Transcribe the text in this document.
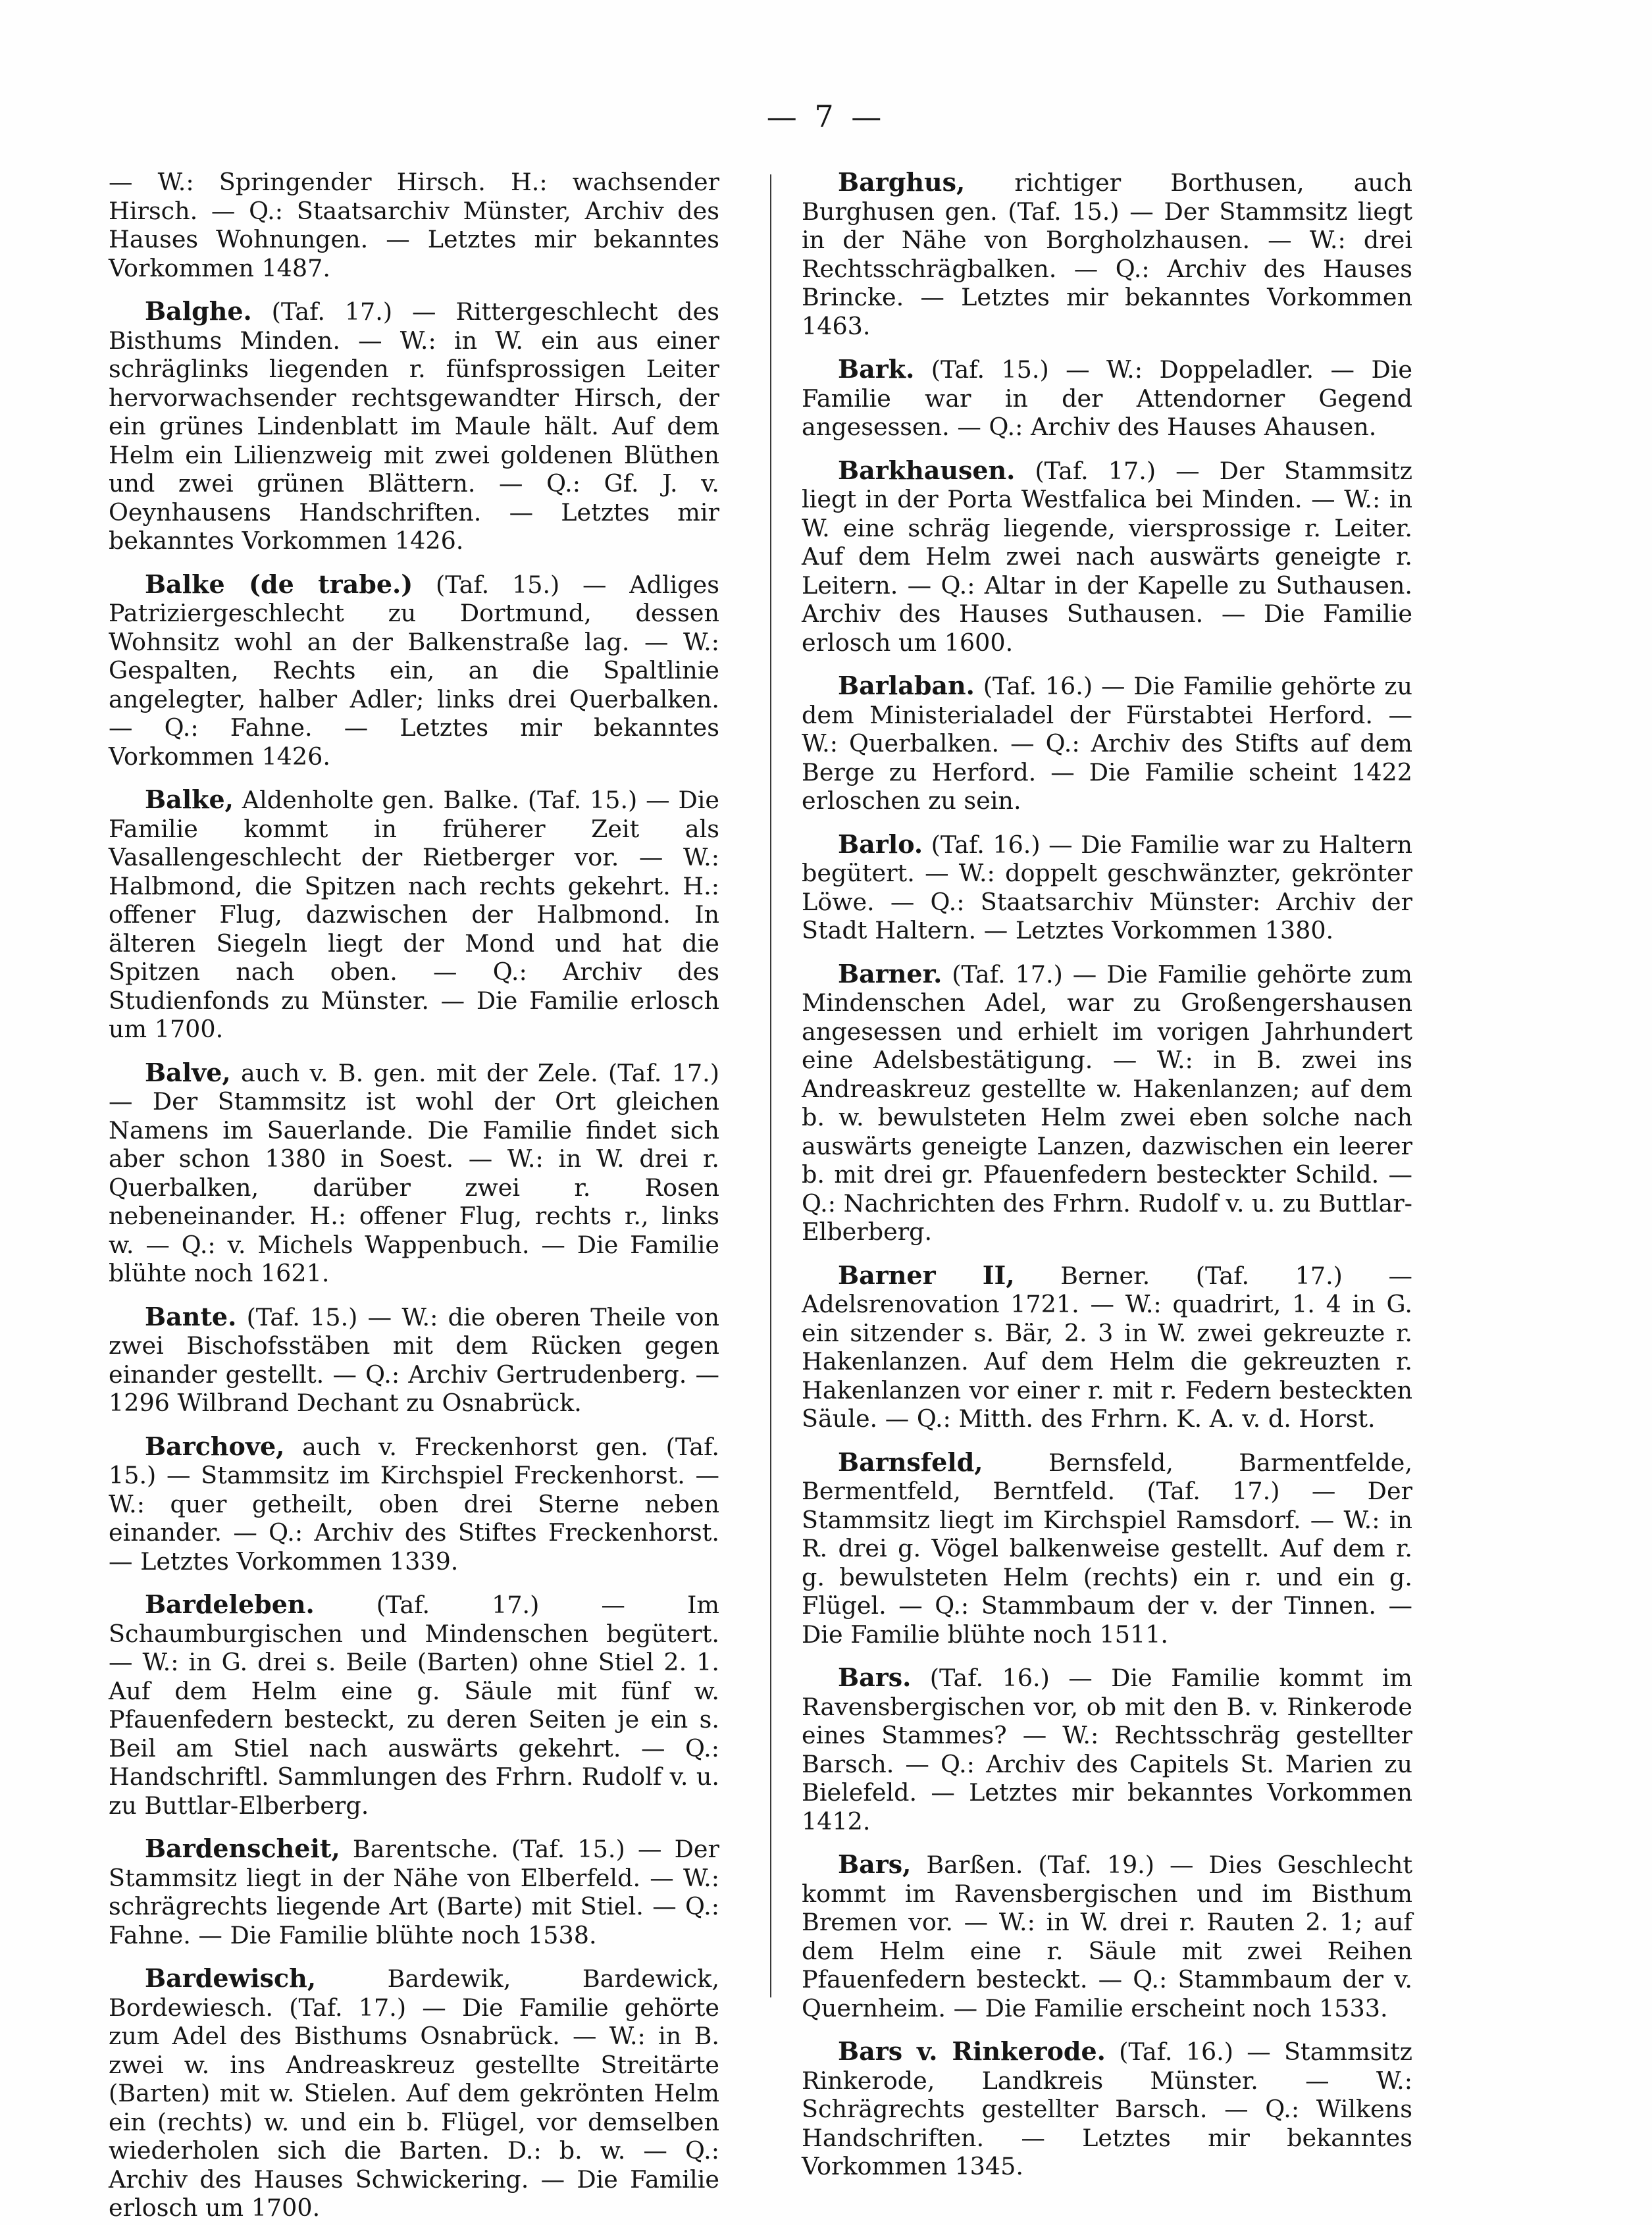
— 7 —

— W.: Springender Hirsch. H.: wachsender Hirsch. — Q.: Staatsarchiv Münster, Archiv des Hauses Wohnungen. — Letztes mir bekanntes Vorkommen 1487.

Balghe. (Taf. 17.) — Rittergeschlecht des Bisthums Minden. — W.: in W. ein aus einer schräglinks liegenden r. fünfsprossigen Leiter hervorwachsender rechtsgewandter Hirsch, der ein grünes Lindenblatt im Maule hält. Auf dem Helm ein Lilienzweig mit zwei goldenen Blüthen und zwei grünen Blättern. — Q.: Gf. J. v. Oeynhausens Handschriften. — Letztes mir bekanntes Vorkommen 1426.

Balke (de trabe.) (Taf. 15.) — Adliges Patriziergeschlecht zu Dortmund, dessen Wohnsitz wohl an der Balkenstraße lag. — W.: Gespalten, Rechts ein, an die Spaltlinie angelegter, halber Adler; links drei Querbalken. — Q.: Fahne. — Letztes mir bekanntes Vorkommen 1426.

Balke, Aldenholte gen. Balke. (Taf. 15.) — Die Familie kommt in früherer Zeit als Vasallengeschlecht der Rietberger vor. — W.: Halbmond, die Spitzen nach rechts gekehrt. H.: offener Flug, dazwischen der Halbmond. In älteren Siegeln liegt der Mond und hat die Spitzen nach oben. — Q.: Archiv des Studienfonds zu Münster. — Die Familie erlosch um 1700.

Balve, auch v. B. gen. mit der Zele. (Taf. 17.) — Der Stammsitz ist wohl der Ort gleichen Namens im Sauerlande. Die Familie findet sich aber schon 1380 in Soest. — W.: in W. drei r. Querbalken, darüber zwei r. Rosen nebeneinander. H.: offener Flug, rechts r., links w. — Q.: v. Michels Wappenbuch. — Die Familie blühte noch 1621.

Bante. (Taf. 15.) — W.: die oberen Theile von zwei Bischofsstäben mit dem Rücken gegen einander gestellt. — Q.: Archiv Gertrudenberg. — 1296 Wilbrand Dechant zu Osnabrück.

Barchove, auch v. Freckenhorst gen. (Taf. 15.) — Stammsitz im Kirchspiel Freckenhorst. — W.: quer getheilt, oben drei Sterne neben einander. — Q.: Archiv des Stiftes Freckenhorst. — Letztes Vorkommen 1339.

Bardeleben. (Taf. 17.) — Im Schaumburgischen und Mindenschen begütert. — W.: in G. drei s. Beile (Barten) ohne Stiel 2. 1. Auf dem Helm eine g. Säule mit fünf w. Pfauenfedern besteckt, zu deren Seiten je ein s. Beil am Stiel nach auswärts gekehrt. — Q.: Handschriftl. Sammlungen des Frhrn. Rudolf v. u. zu Buttlar-Elberberg.

Bardenscheit, Barentsche. (Taf. 15.) — Der Stammsitz liegt in der Nähe von Elberfeld. — W.: schrägrechts liegende Art (Barte) mit Stiel. — Q.: Fahne. — Die Familie blühte noch 1538.

Bardewisch, Bardewik, Bardewick, Bordewiesch. (Taf. 17.) — Die Familie gehörte zum Adel des Bisthums Osnabrück. — W.: in B. zwei w. ins Andreaskreuz gestellte Streitärte (Barten) mit w. Stielen. Auf dem gekrönten Helm ein (rechts) w. und ein b. Flügel, vor demselben wiederholen sich die Barten. D.: b. w. — Q.: Archiv des Hauses Schwickering. — Die Familie erlosch um 1700.

Barghus, richtiger Borthusen, auch Burghusen gen. (Taf. 15.) — Der Stammsitz liegt in der Nähe von Borgholzhausen. — W.: drei Rechtsschrägbalken. — Q.: Archiv des Hauses Brincke. — Letztes mir bekanntes Vorkommen 1463.

Bark. (Taf. 15.) — W.: Doppeladler. — Die Familie war in der Attendorner Gegend angesessen. — Q.: Archiv des Hauses Ahausen.

Barkhausen. (Taf. 17.) — Der Stammsitz liegt in der Porta Westfalica bei Minden. — W.: in W. eine schräg liegende, viersprossige r. Leiter. Auf dem Helm zwei nach auswärts geneigte r. Leitern. — Q.: Altar in der Kapelle zu Suthausen. Archiv des Hauses Suthausen. — Die Familie erlosch um 1600.

Barlaban. (Taf. 16.) — Die Familie gehörte zu dem Ministerialadel der Fürstabtei Herford. — W.: Querbalken. — Q.: Archiv des Stifts auf dem Berge zu Herford. — Die Familie scheint 1422 erloschen zu sein.

Barlo. (Taf. 16.) — Die Familie war zu Haltern begütert. — W.: doppelt geschwänzter, gekrönter Löwe. — Q.: Staatsarchiv Münster: Archiv der Stadt Haltern. — Letztes Vorkommen 1380.

Barner. (Taf. 17.) — Die Familie gehörte zum Mindenschen Adel, war zu Großengershausen angesessen und erhielt im vorigen Jahrhundert eine Adelsbestätigung. — W.: in B. zwei ins Andreaskreuz gestellte w. Hakenlanzen; auf dem b. w. bewulsteten Helm zwei eben solche nach auswärts geneigte Lanzen, dazwischen ein leerer b. mit drei gr. Pfauenfedern besteckter Schild. — Q.: Nachrichten des Frhrn. Rudolf v. u. zu Buttlar-Elberberg.

Barner II, Berner. (Taf. 17.) — Adelsrenovation 1721. — W.: quadrirt, 1. 4 in G. ein sitzender s. Bär, 2. 3 in W. zwei gekreuzte r. Hakenlanzen. Auf dem Helm die gekreuzten r. Hakenlanzen vor einer r. mit r. Federn besteckten Säule. — Q.: Mitth. des Frhrn. K. A. v. d. Horst.

Barnsfeld, Bernsfeld, Barmentfelde, Bermentfeld, Berntfeld. (Taf. 17.) — Der Stammsitz liegt im Kirchspiel Ramsdorf. — W.: in R. drei g. Vögel balkenweise gestellt. Auf dem r. g. bewulsteten Helm (rechts) ein r. und ein g. Flügel. — Q.: Stammbaum der v. der Tinnen. — Die Familie blühte noch 1511.

Bars. (Taf. 16.) — Die Familie kommt im Ravensbergischen vor, ob mit den B. v. Rinkerode eines Stammes? — W.: Rechtsschräg gestellter Barsch. — Q.: Archiv des Capitels St. Marien zu Bielefeld. — Letztes mir bekanntes Vorkommen 1412.

Bars, Barßen. (Taf. 19.) — Dies Geschlecht kommt im Ravensbergischen und im Bisthum Bremen vor. — W.: in W. drei r. Rauten 2. 1; auf dem Helm eine r. Säule mit zwei Reihen Pfauenfedern besteckt. — Q.: Stammbaum der v. Quernheim. — Die Familie erscheint noch 1533.

Bars v. Rinkerode. (Taf. 16.) — Stammsitz Rinkerode, Landkreis Münster. — W.: Schrägrechts gestellter Barsch. — Q.: Wilkens Handschriften. — Letztes mir bekanntes Vorkommen 1345.
